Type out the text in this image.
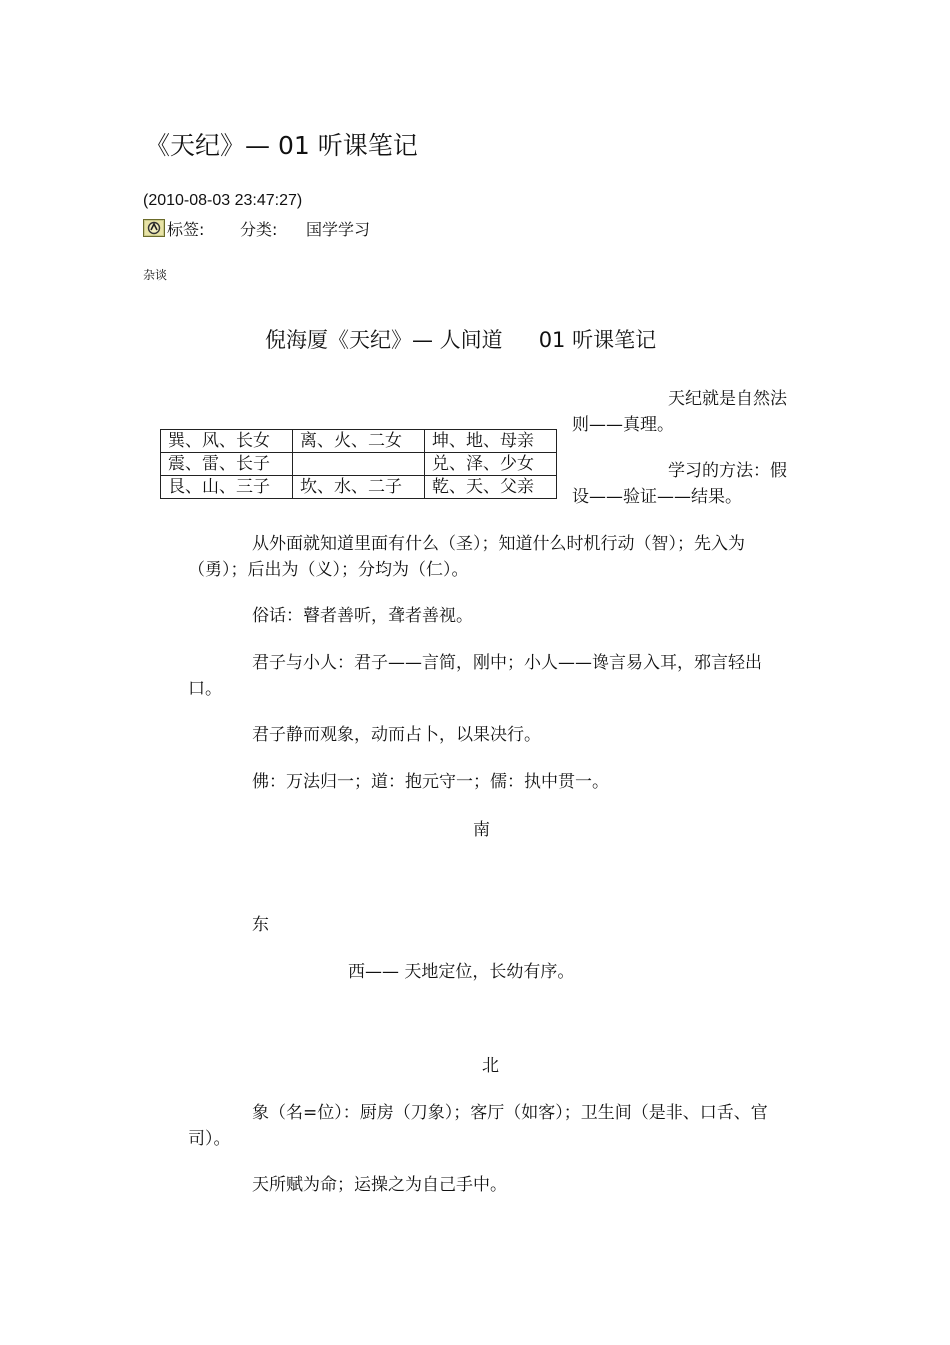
《天纪》— 01 听课笔记
(2010-08-03 23:47:27)
标签: 分类: 国学学习
杂谈
倪海厦《天纪》— 人间道 01 听课笔记
巽、风、长女	离、火、二女	坤、地、母亲
震、雷、长子		兑、泽、少女
艮、山、三子	坎、水、二子	乾、天、父亲
天纪就是自然法则——真理。
学习的方法：假设——验证——结果。

从外面就知道里面有什么（圣）；知道什么时机行动（智）；先入为（勇）；后出为（义）；分均为（仁）。

俗话：瞽者善听，聋者善视。

君子与小人：君子——言简，刚中；小人——谗言易入耳，邪言轻出口。

君子静而观象，动而占卜，以果决行。

佛：万法归一；道：抱元守一；儒：执中贯一。

南
东
西—— 天地定位，长幼有序。
北

象（名=位）：厨房（刀象）；客厅（如客）；卫生间（是非、口舌、官司）。

天所赋为命；运操之为自己手中。
